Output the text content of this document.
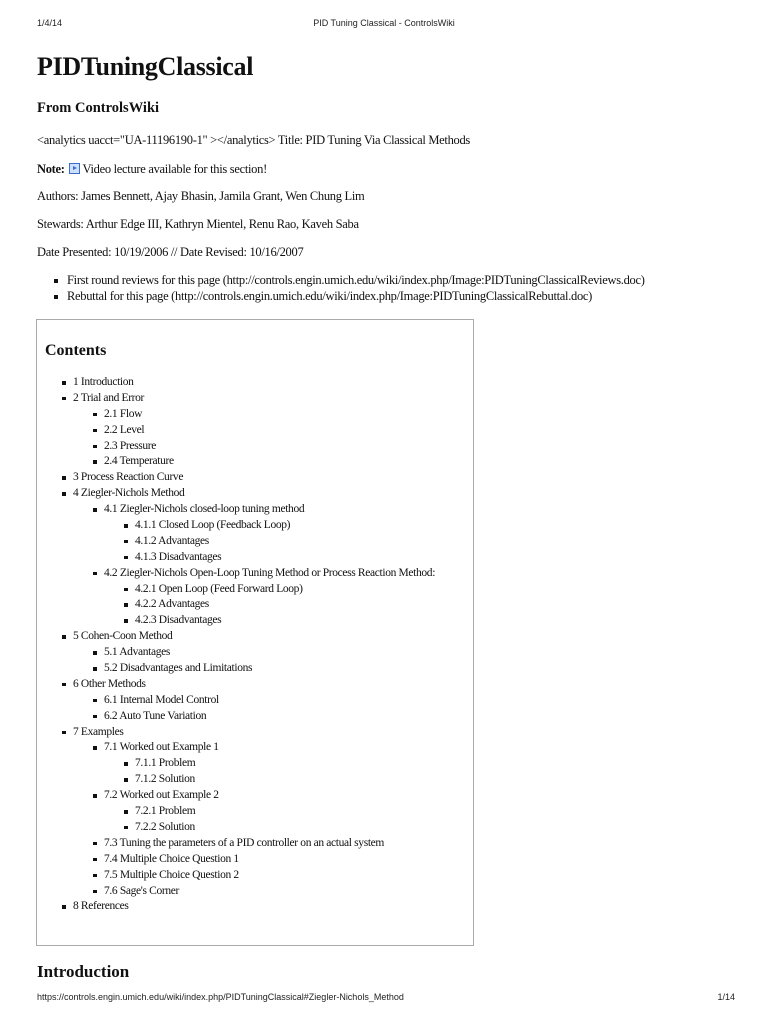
1/4/14	PID Tuning Classical - ControlsWiki
PIDTuningClassical
From ControlsWiki

<analytics uacct="UA-11196190-1" ></analytics> Title: PID Tuning Via Classical Methods

Note: Video lecture available for this section!

Authors: James Bennett, Ajay Bhasin, Jamila Grant, Wen Chung Lim

Stewards: Arthur Edge III, Kathryn Mientel, Renu Rao, Kaveh Saba

Date Presented: 10/19/2006 // Date Revised: 10/16/2007

First round reviews for this page (http://controls.engin.umich.edu/wiki/index.php/Image:PIDTuningClassicalReviews.doc)
Rebuttal for this page (http://controls.engin.umich.edu/wiki/index.php/Image:PIDTuningClassicalRebuttal.doc)
Contents
1 Introduction
2 Trial and Error
2.1 Flow
2.2 Level
2.3 Pressure
2.4 Temperature
3 Process Reaction Curve
4 Ziegler-Nichols Method
4.1 Ziegler-Nichols closed-loop tuning method
4.1.1 Closed Loop (Feedback Loop)
4.1.2 Advantages
4.1.3 Disadvantages
4.2 Ziegler-Nichols Open-Loop Tuning Method or Process Reaction Method:
4.2.1 Open Loop (Feed Forward Loop)
4.2.2 Advantages
4.2.3 Disadvantages
5 Cohen-Coon Method
5.1 Advantages
5.2 Disadvantages and Limitations
6 Other Methods
6.1 Internal Model Control
6.2 Auto Tune Variation
7 Examples
7.1 Worked out Example 1
7.1.1 Problem
7.1.2 Solution
7.2 Worked out Example 2
7.2.1 Problem
7.2.2 Solution
7.3 Tuning the parameters of a PID controller on an actual system
7.4 Multiple Choice Question 1
7.5 Multiple Choice Question 2
7.6 Sage's Corner
8 References
Introduction
https://controls.engin.umich.edu/wiki/index.php/PIDTuningClassical#Ziegler-Nichols_Method	1/14
